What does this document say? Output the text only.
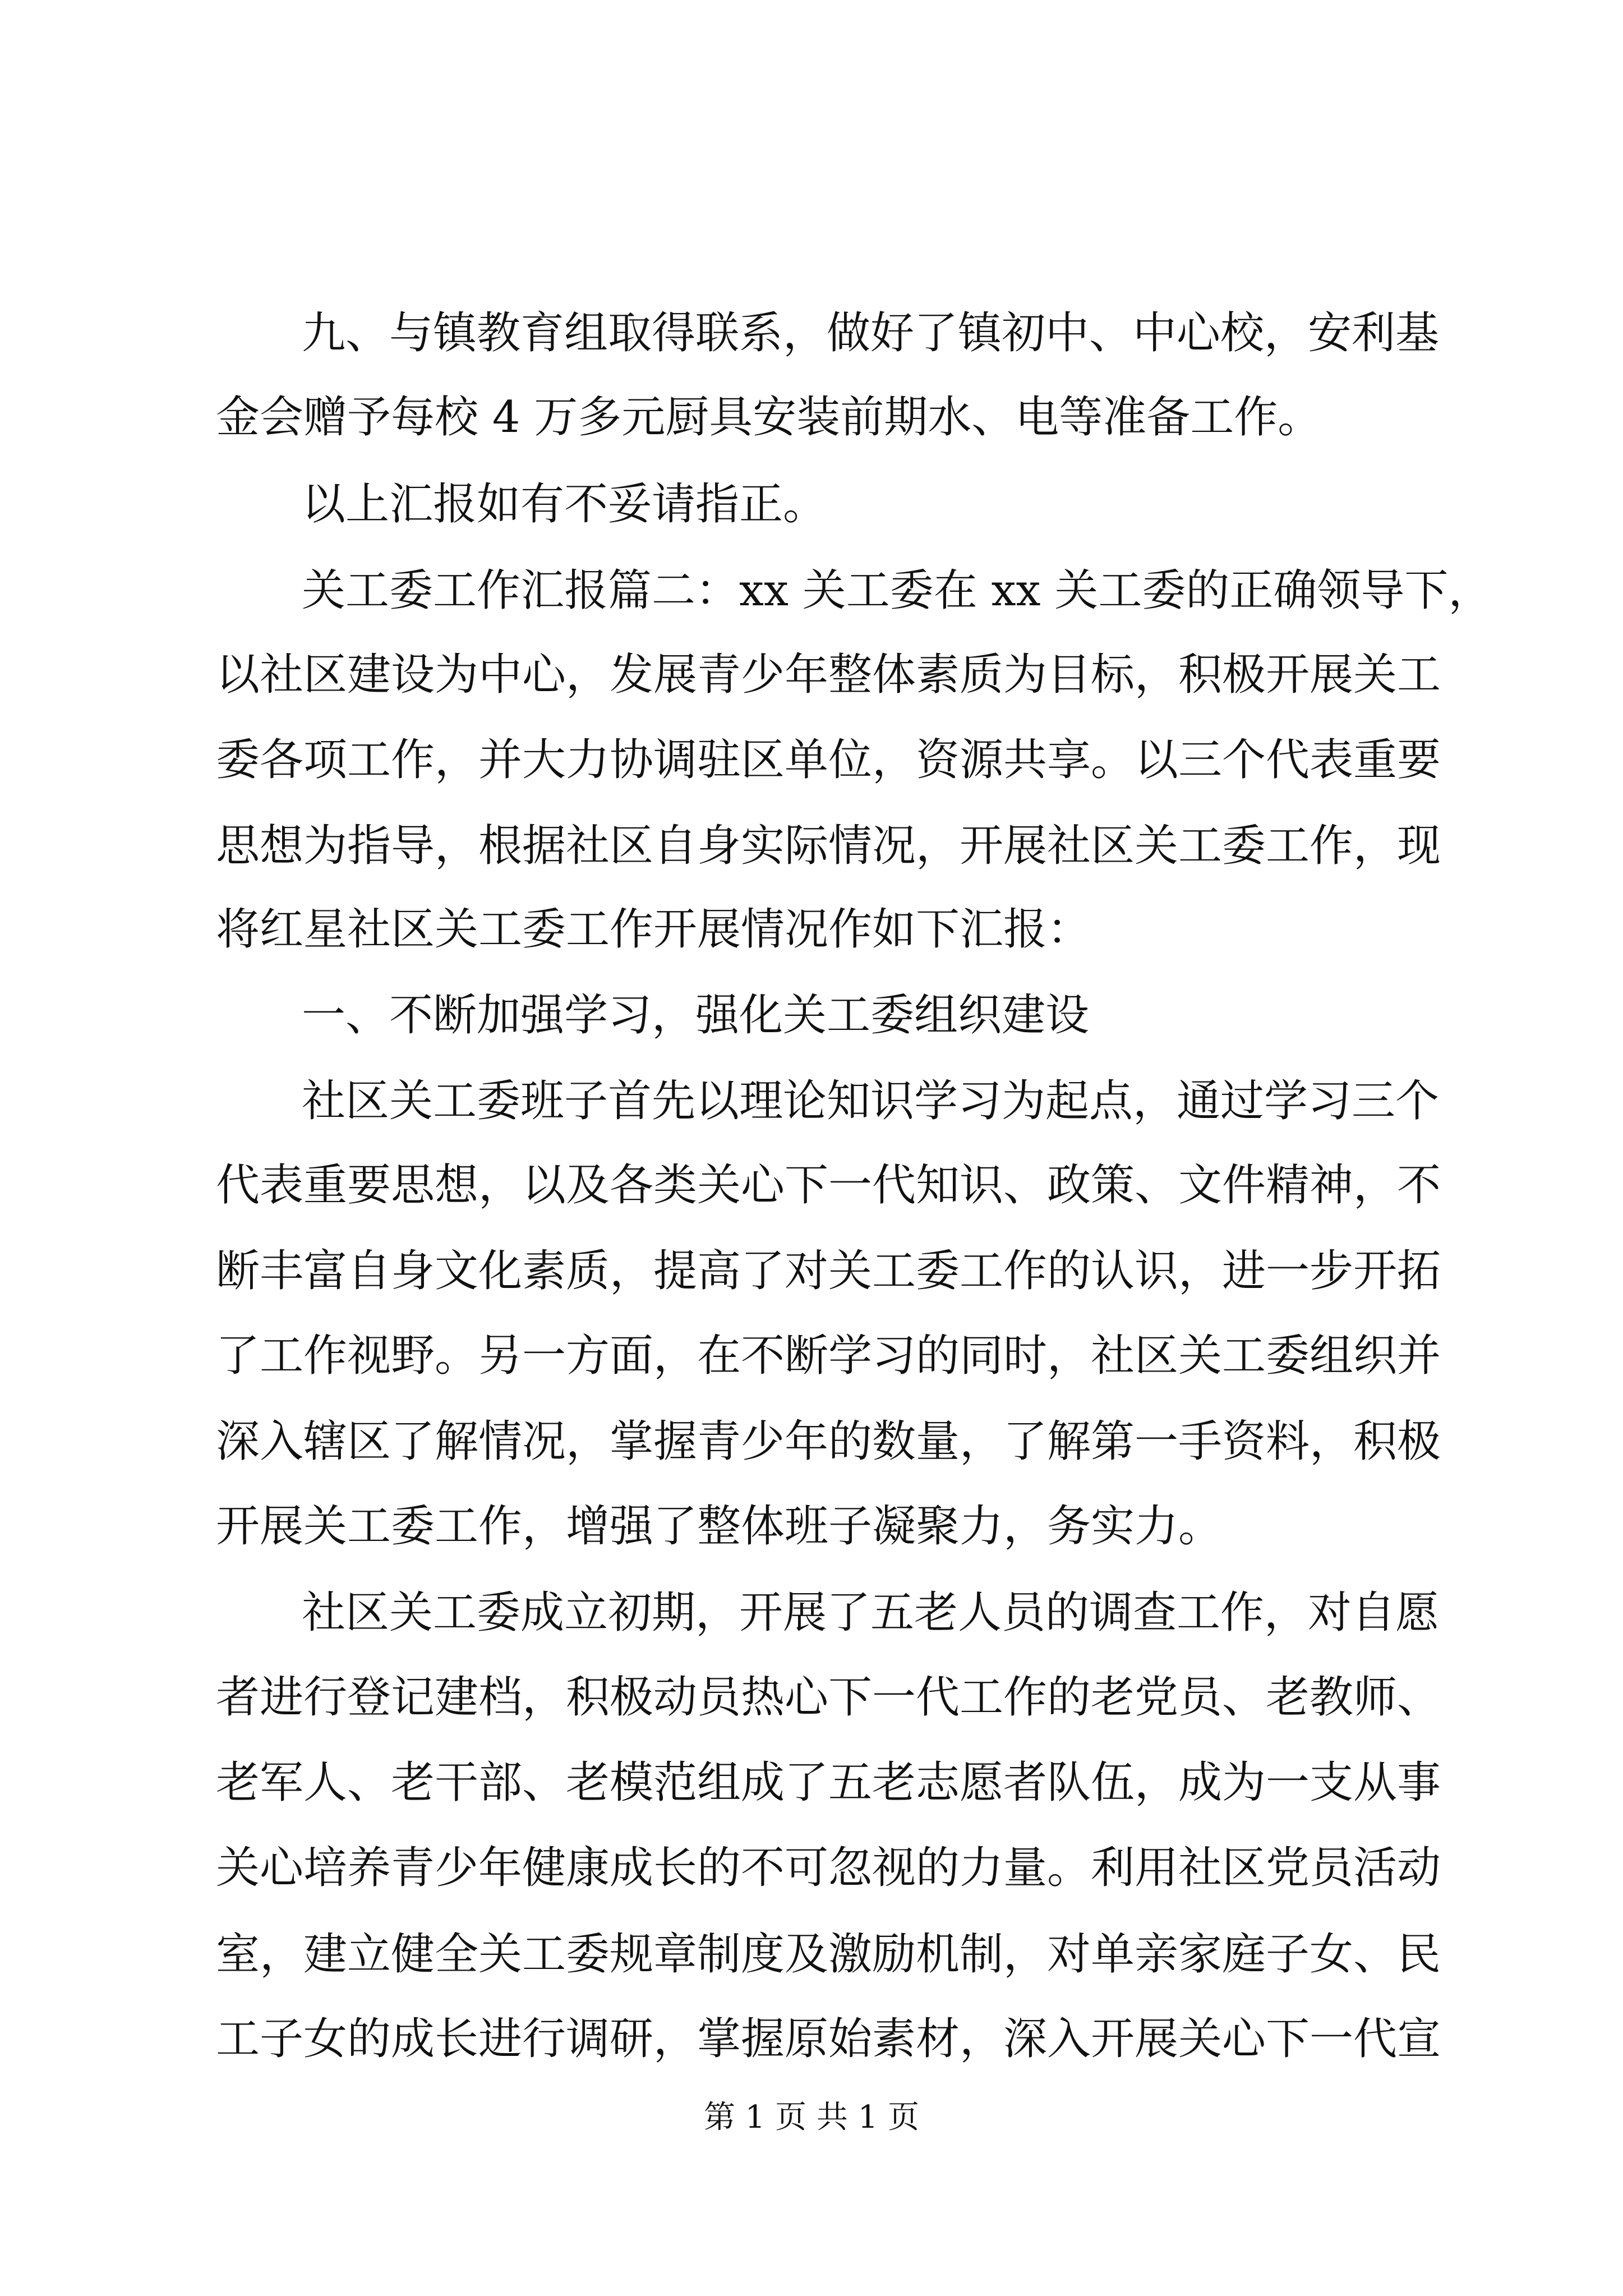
九、与镇教育组取得联系，做好了镇初中、中心校，安利基
金会赠予每校 4 万多元厨具安装前期水、电等准备工作。
以上汇报如有不妥请指正。
关工委工作汇报篇二：xx 关工委在 xx 关工委的正确领导下，
以社区建设为中心，发展青少年整体素质为目标，积极开展关工
委各项工作，并大力协调驻区单位，资源共享。以三个代表重要
思想为指导，根据社区自身实际情况，开展社区关工委工作，现
将红星社区关工委工作开展情况作如下汇报：
一、不断加强学习，强化关工委组织建设
社区关工委班子首先以理论知识学习为起点，通过学习三个
代表重要思想，以及各类关心下一代知识、政策、文件精神，不
断丰富自身文化素质，提高了对关工委工作的认识，进一步开拓
了工作视野。另一方面，在不断学习的同时，社区关工委组织并
深入辖区了解情况，掌握青少年的数量，了解第一手资料，积极
开展关工委工作，增强了整体班子凝聚力，务实力。
社区关工委成立初期，开展了五老人员的调查工作，对自愿
者进行登记建档，积极动员热心下一代工作的老党员、老教师、
老军人、老干部、老模范组成了五老志愿者队伍，成为一支从事
关心培养青少年健康成长的不可忽视的力量。利用社区党员活动
室，建立健全关工委规章制度及激励机制，对单亲家庭子女、民
工子女的成长进行调研，掌握原始素材，深入开展关心下一代宣
第 1 页 共 1 页
